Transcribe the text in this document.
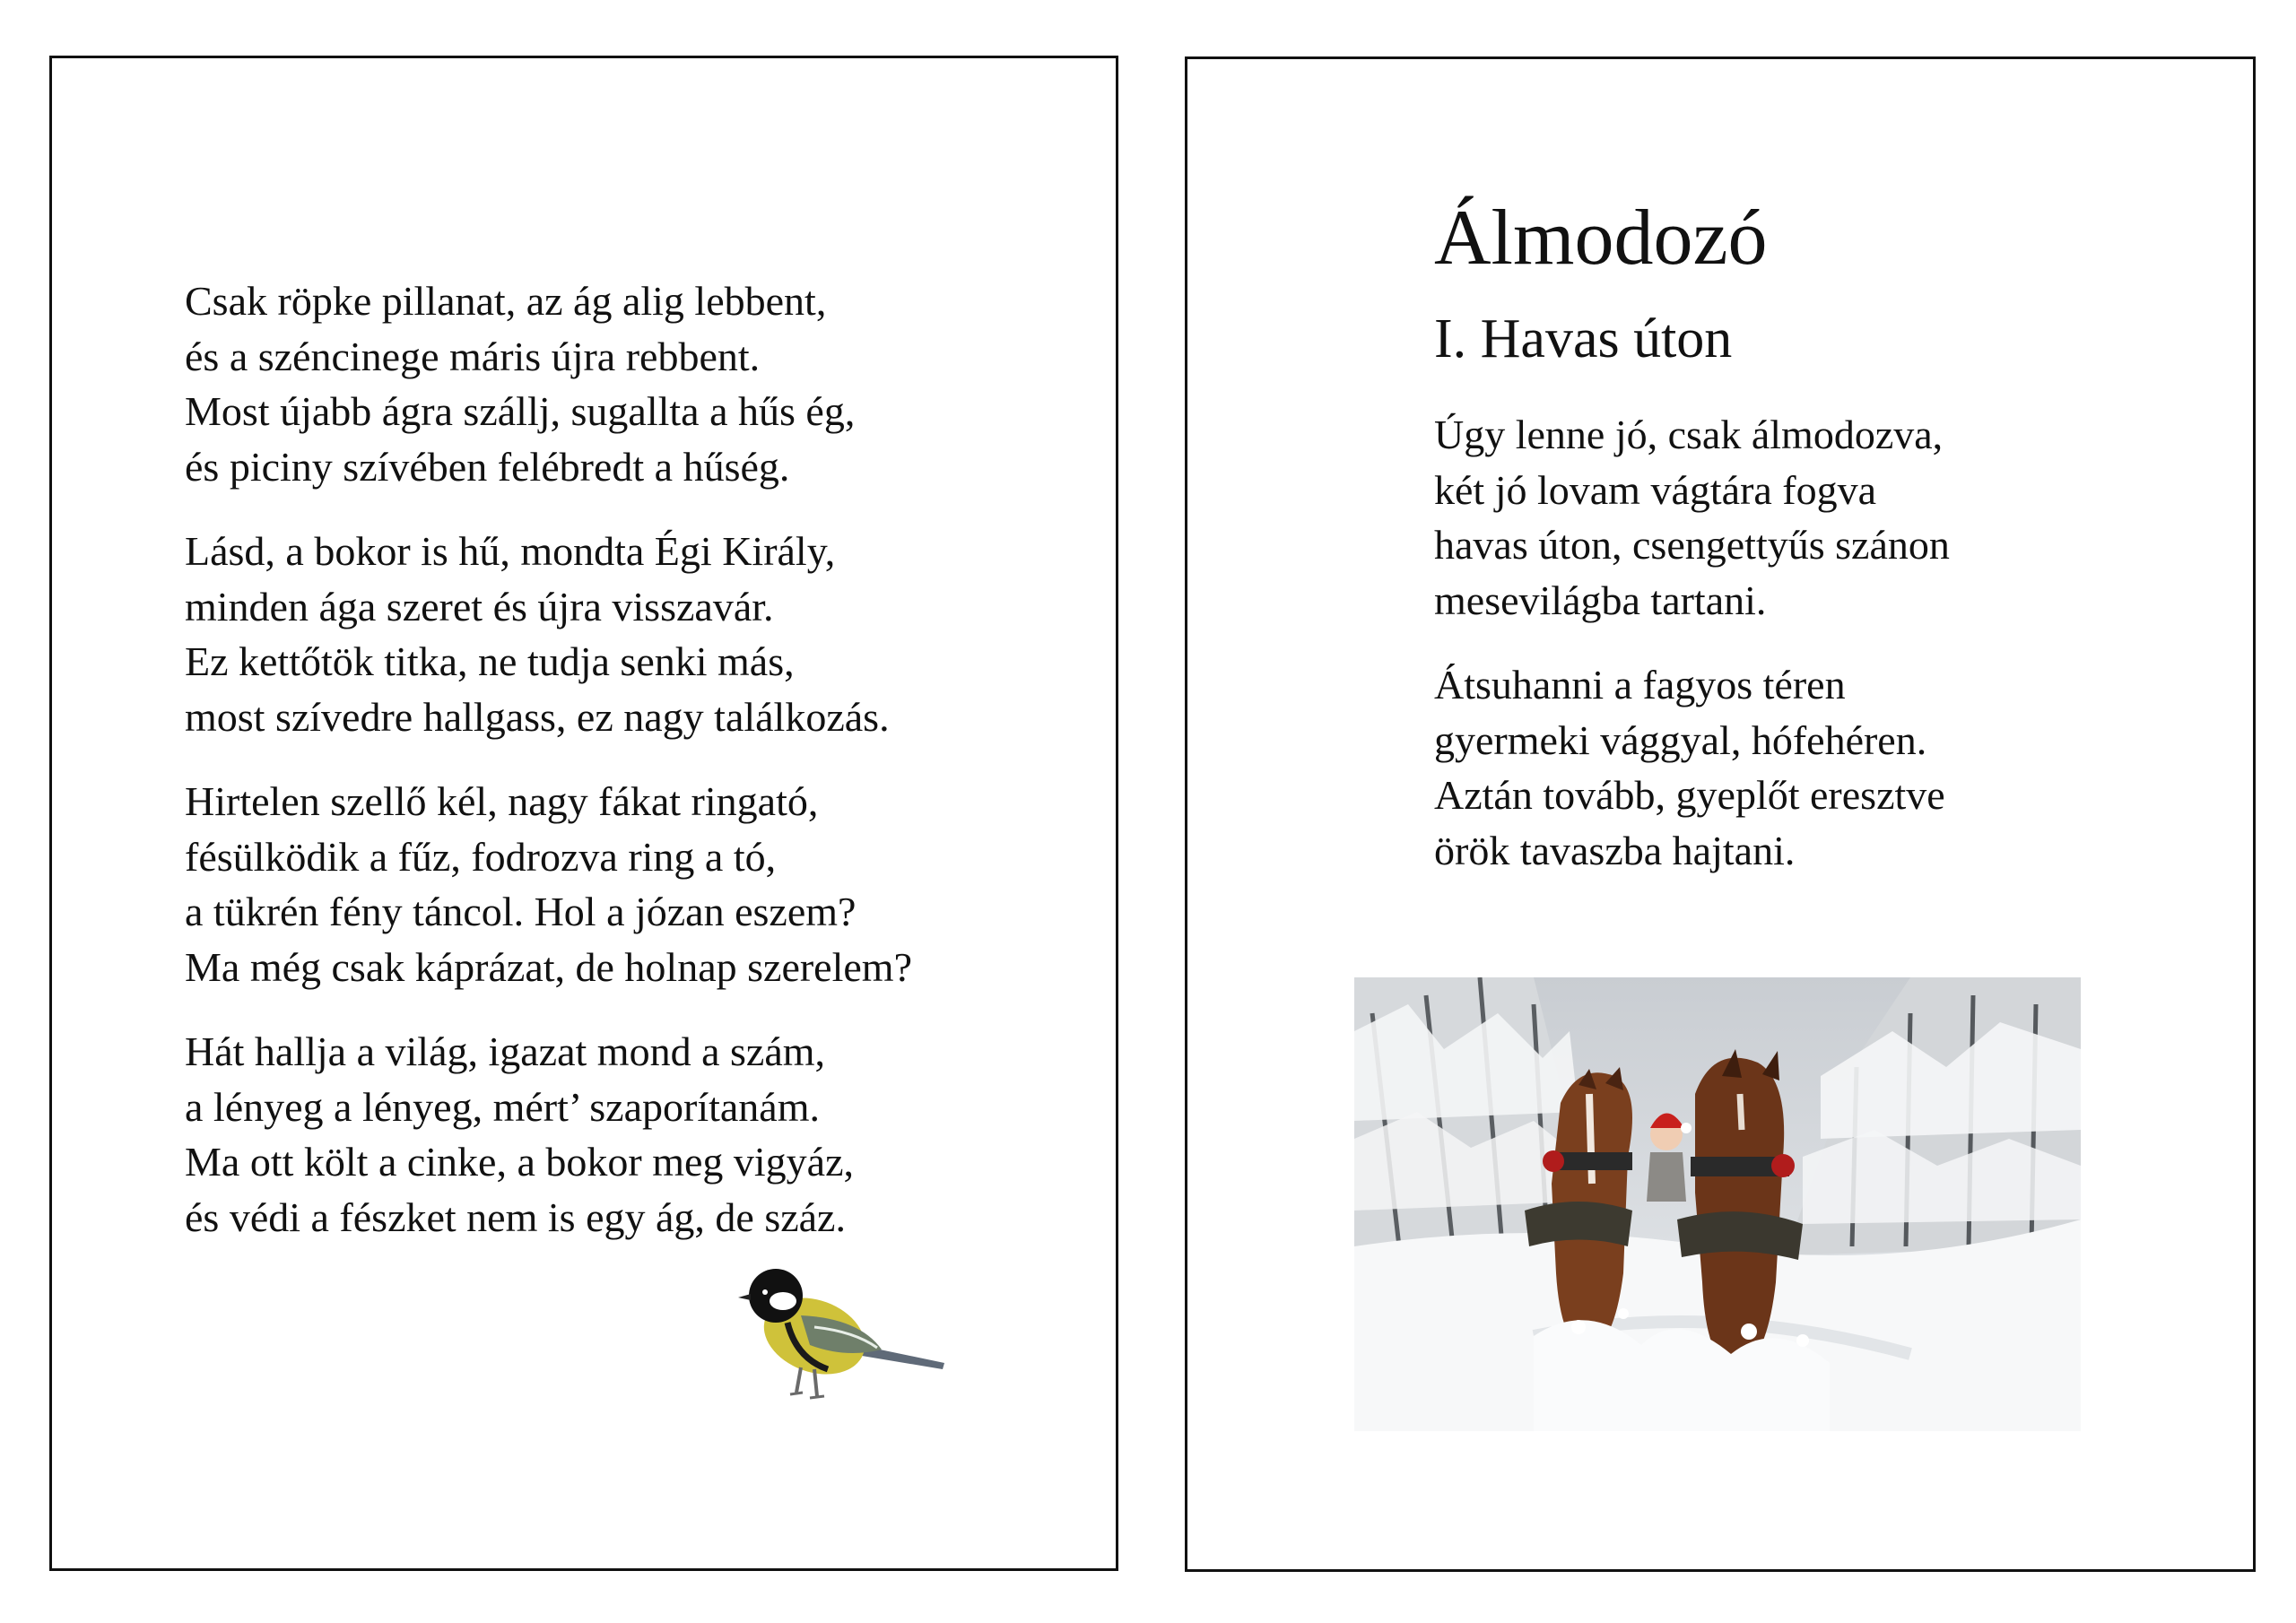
Csak röpke pillanat, az ág alig lebbent,
és a széncinege máris újra rebbent.
Most újabb ágra szállj, sugallta a hűs ég,
és piciny szívében felébredt a hűség.
Lásd, a bokor is hű, mondta Égi Király,
minden ága szeret és újra visszavár.
Ez kettőtök titka, ne tudja senki más,
most szívedre hallgass, ez nagy találkozás.
Hirtelen szellő kél, nagy fákat ringató,
fésülködik a fűz, fodrozva ring a tó,
a tükrén fény táncol. Hol a józan eszem?
Ma még csak káprázat, de holnap szerelem?
Hát hallja a világ, igazat mond a szám,
a lényeg a lényeg, mért’ szaporítanám.
Ma ott költ a cinke, a bokor meg vigyáz,
és védi a fészket nem is egy ág, de száz.
Álmodozó
I. Havas úton
Úgy lenne jó, csak álmodozva,
két jó lovam vágtára fogva
havas úton, csengettyűs szánon
mesevilágba tartani.
Átsuhanni a fagyos téren
gyermeki vággyal, hófehéren.
Aztán tovább, gyeplőt eresztve
örök tavaszba hajtani.
